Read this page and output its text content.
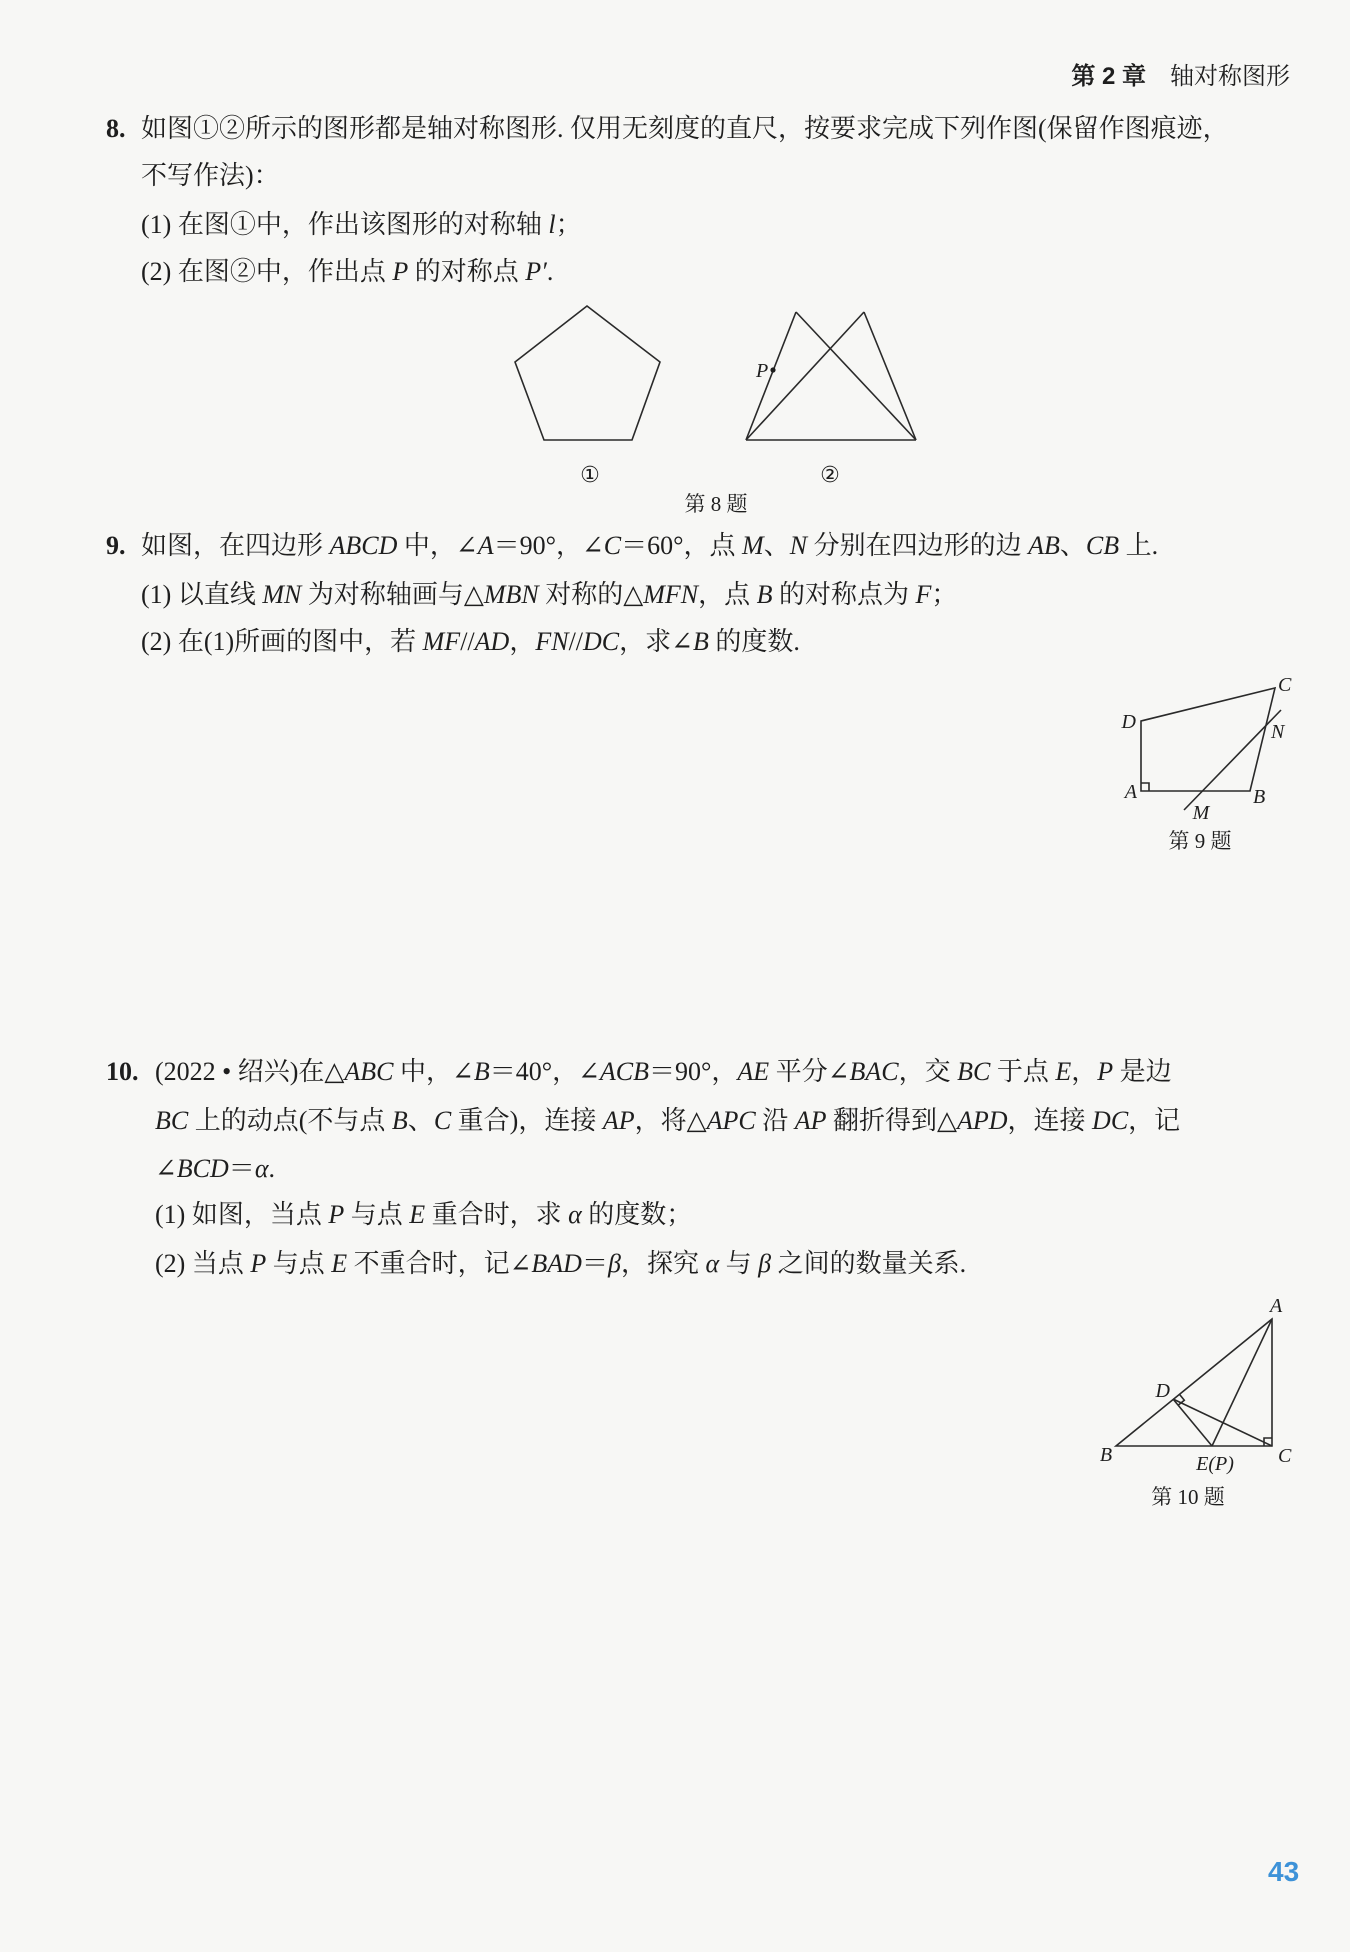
第 2 章 轴对称图形
8. 如图①②所示的图形都是轴对称图形. 仅用无刻度的直尺，按要求完成下列作图(保留作图痕迹，
不写作法)：
(1) 在图①中，作出该图形的对称轴 l；
(2) 在图②中，作出点 P 的对称点 P′.
P
①	②
第 8 题
9. 如图，在四边形 ABCD 中，∠A＝90°，∠C＝60°，点 M、N 分别在四边形的边 AB、CB 上.
(1) 以直线 MN 为对称轴画与△MBN 对称的△MFN，点 B 的对称点为 F；
(2) 在(1)所画的图中，若 MF//AD，FN//DC，求∠B 的度数.
D
C
N
A
M
B
第 9 题
10. (2022 • 绍兴)在△ABC 中，∠B＝40°，∠ACB＝90°，AE 平分∠BAC，交 BC 于点 E，P 是边
BC 上的动点(不与点 B、C 重合)，连接 AP，将△APC 沿 AP 翻折得到△APD，连接 DC，记
∠BCD＝α.
(1) 如图，当点 P 与点 E 重合时，求 α 的度数；
(2) 当点 P 与点 E 不重合时，记∠BAD＝β，探究 α 与 β 之间的数量关系.
A
D
B	E(P) C
第 10 题
43
